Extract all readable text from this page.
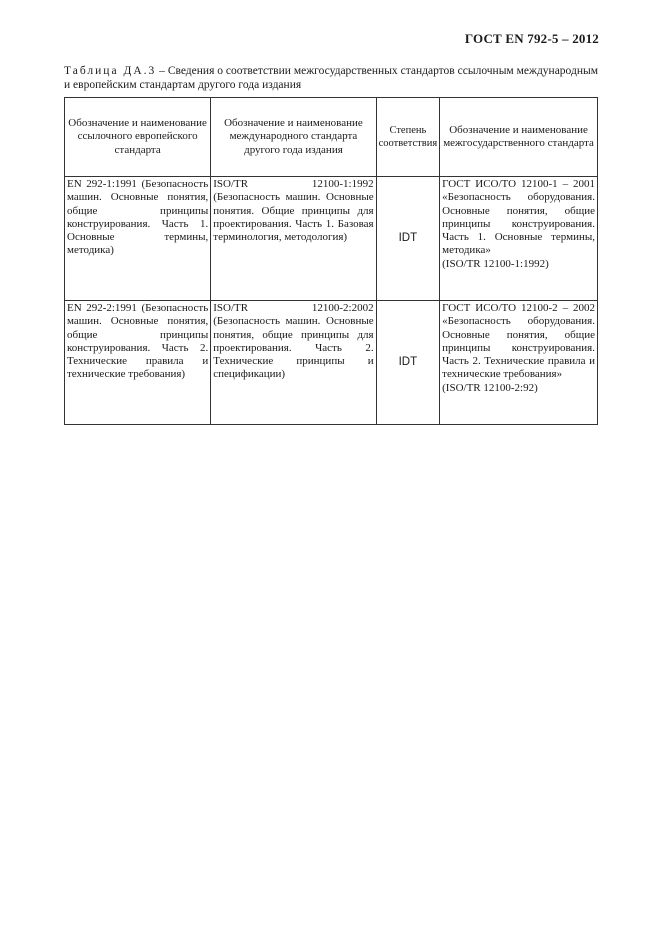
ГОСТ EN 792-5 – 2012
Таблица ДА.3 – Сведения о соответствии межгосударственных стандартов ссылочным международным и европейским стандартам другого года издания
Обозначение и наименование ссылочного европейского стандарта	Обозначение и наименование международного стандарта другого года издания	Степень соответствия	Обозначение и наименование межгосударственного стандарта
EN 292-1:1991 (Безопасность машин. Основные понятия, общие принципы конструирования. Часть 1. Основные термины, методика)	ISO/TR 12100-1:1992 (Безопасность машин. Основные понятия. Общие принципы для проектирования. Часть 1. Базовая терминология, методология)	IDT	ГОСТ ИСО/ТО 12100-1 – 2001 «Безопасность оборудования. Основные понятия, общие принципы конструирования. Часть 1. Основные термины, методика»
(ISO/TR 12100-1:1992)

EN 292-2:1991 (Безопасность машин. Основные понятия, общие принципы конструирования. Часть 2. Технические правила и технические требования)	ISO/TR 12100-2:2002 (Безопасность машин. Основные понятия, общие принципы для проектирования. Часть 2. Технические принципы и спецификации)	IDT	ГОСТ ИСО/ТО 12100-2 – 2002 «Безопасность оборудования. Основные понятия, общие принципы конструирования. Часть 2. Технические правила и технические требования»
(ISO/TR 12100-2:92)
